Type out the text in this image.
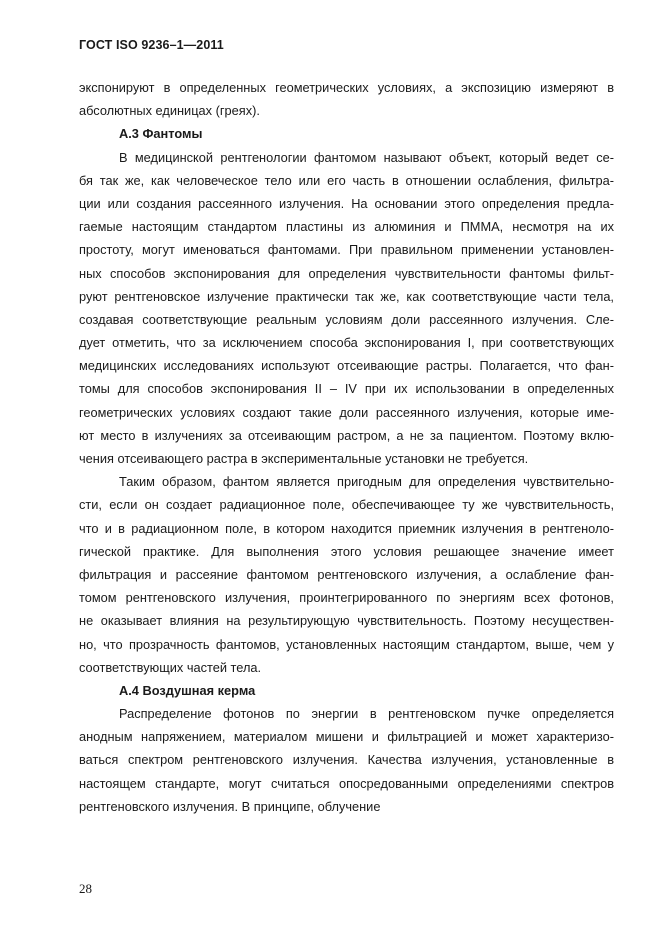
ГОСТ ISO 9236–1—2011
экспонируют в определенных геометрических условиях, а экспозицию измеряют в
абсолютных единицах (греях).
А.3 Фантомы
В медицинской рентгенологии фантомом называют объект, который ведет се-
бя так же, как человеческое тело или его часть в отношении ослабления, фильтра-
ции или создания рассеянного излучения. На основании этого определения предла-
гаемые настоящим стандартом пластины из алюминия и ПММА, несмотря на их
простоту, могут именоваться фантомами. При правильном применении установлен-
ных способов экспонирования для определения чувствительности фантомы фильт-
руют рентгеновское излучение практически так же, как соответствующие части тела,
создавая соответствующие реальным условиям доли рассеянного излучения. Сле-
дует отметить, что за исключением способа экспонирования I, при соответствующих
медицинских исследованиях используют отсеивающие растры. Полагается, что фан-
томы для способов экспонирования II – IV при их использовании в определенных
геометрических условиях создают такие доли рассеянного излучения, которые име-
ют место в излучениях за отсеивающим растром, а не за пациентом. Поэтому вклю-
чения отсеивающего растра в экспериментальные установки не требуется.
Таким образом, фантом является пригодным для определения чувствительно-
сти, если он создает радиационное поле, обеспечивающее ту же чувствительность,
что и в радиационном поле, в котором находится приемник излучения в рентгеноло-
гической практике. Для выполнения этого условия решающее значение имеет
фильтрация и рассеяние фантомом рентгеновского излучения, а ослабление фан-
томом рентгеновского излучения, проинтегрированного по энергиям всех фотонов,
не оказывает влияния на результирующую чувствительность. Поэтому несуществен-
но, что прозрачность фантомов, установленных настоящим стандартом, выше, чем у
соответствующих частей тела.
А.4 Воздушная керма
Распределение фотонов по энергии в рентгеновском пучке определяется
анодным напряжением, материалом мишени и фильтрацией и может характеризо-
ваться спектром рентгеновского излучения. Качества излучения, установленные в
настоящем стандарте, могут считаться опосредованными определениями спектров
рентгеновского излучения. В принципе, облучение
28
